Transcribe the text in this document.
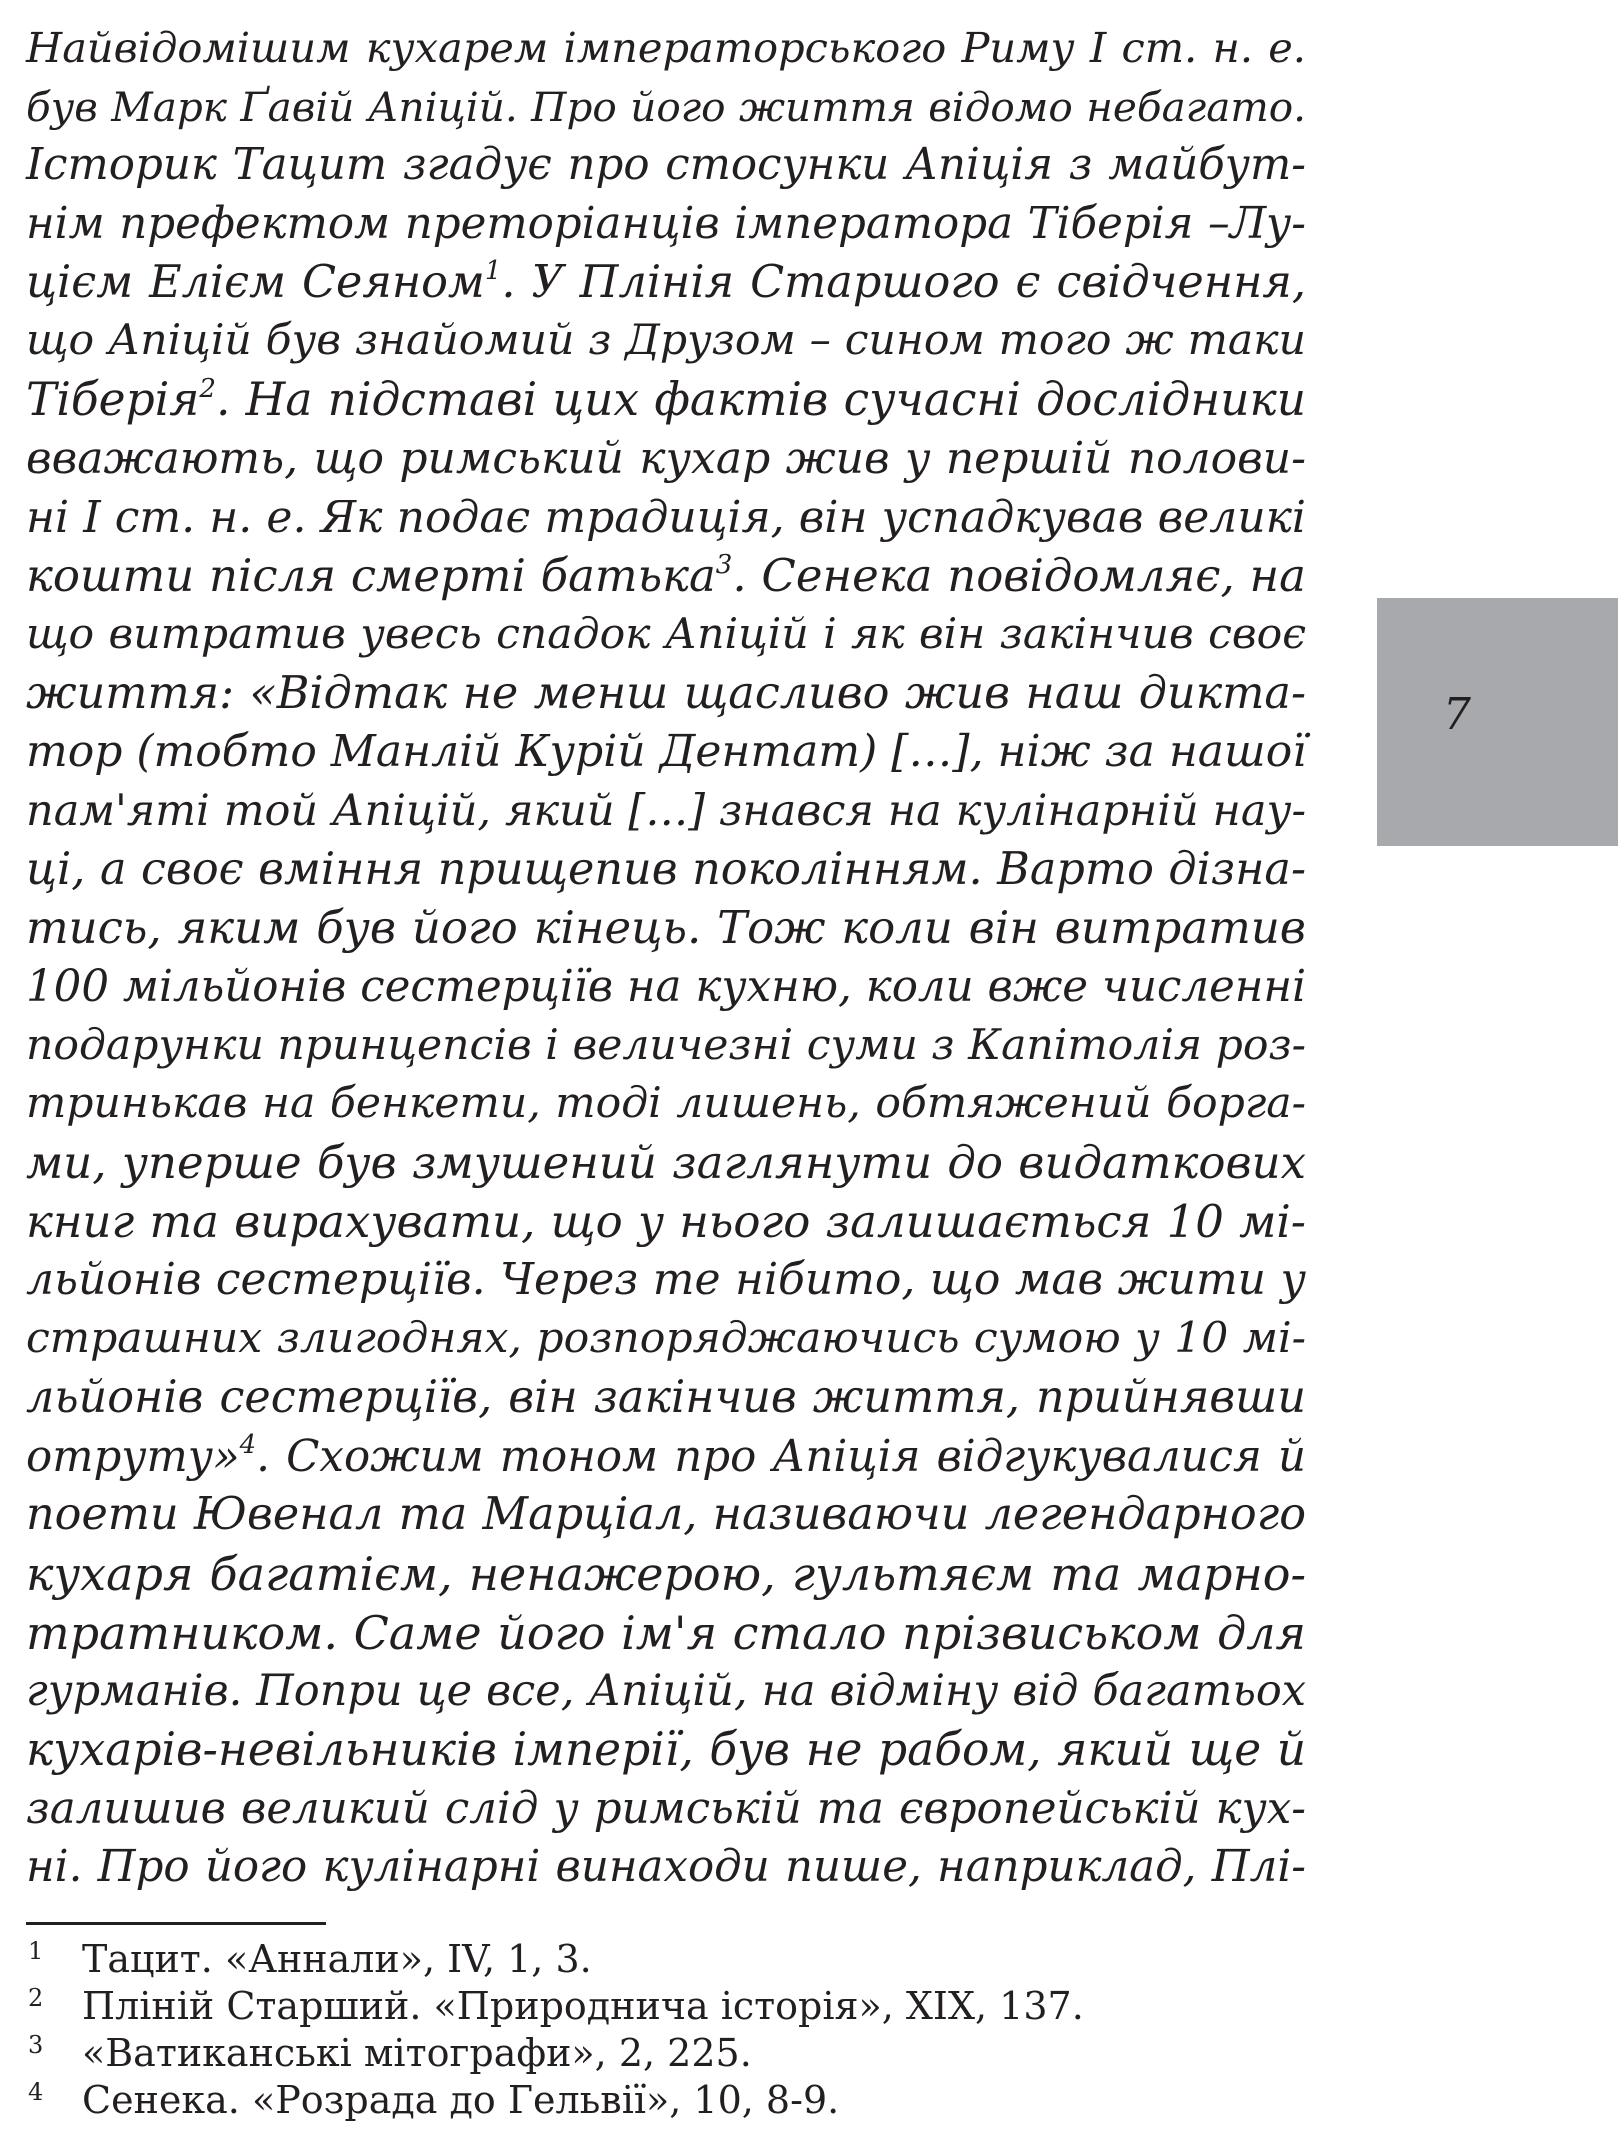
Найвідомішим кухарем імператорського Риму І ст. н. е.
був Марк Ґавій Апіцій. Про його життя відомо небагато.
Історик Тацит згадує про стосунки Апіція з майбут-
нім префектом преторіанців імператора Тіберія –Лу-
цієм Елієм Сеяном$^1$. У Плінія Старшого є свідчення,
що Апіцій був знайомий з Друзом – сином того ж таки
Тіберія$^2$. На підставі цих фактів сучасні дослідники
вважають, що римський кухар жив у першій полови-
ні І ст. н. е. Як подає традиція, він успадкував великі
кошти після смерті батька$^3$. Сенека повідомляє, на
що витратив увесь спадок Апіцій і як він закінчив своє
життя: «Відтак не менш щасливо жив наш дикта-
тор (тобто Манлій Курій Дентат) […], ніж за нашої
пам'яті той Апіцій, який […] знався на кулінарній нау-
ці, а своє вміння прищепив поколінням. Варто дізна-
тись, яким був його кінець. Тож коли він витратив
100 мільйонів сестерціїв на кухню, коли вже численні
подарунки принцепсів і величезні суми з Капітолія роз-
тринькав на бенкети, тоді лишень, обтяжений борга-
ми, уперше був змушений заглянути до видаткових
книг та вирахувати, що у нього залишається 10 мі-
льйонів сестерціїв. Через те нібито, що мав жити у
страшних злигоднях, розпоряджаючись сумою у 10 мі-
льйонів сестерціїв, він закінчив життя, прийнявши
отруту»$^4$. Схожим тоном про Апіція відгукувалися й
поети Ювенал та Марціал, називаючи легендарного
кухаря багатієм, ненажерою, гультяєм та марно-
тратником. Саме його ім'я стало прізвиськом для
гурманів. Попри це все, Апіцій, на відміну від багатьох
кухарів-невільників імперії, був не рабом, який ще й
залишив великий слід у римській та європейській кух-
ні. Про його кулінарні винаходи пише, наприклад, Плі-
7
1 Тацит. «Аннали», IV, 1, 3.
2 Пліній Старший. «Природнича історія», XIX, 137.
3 «Ватиканські мітографи», 2, 225.
4 Сенека. «Розрада до Гельвії», 10, 8-9.
